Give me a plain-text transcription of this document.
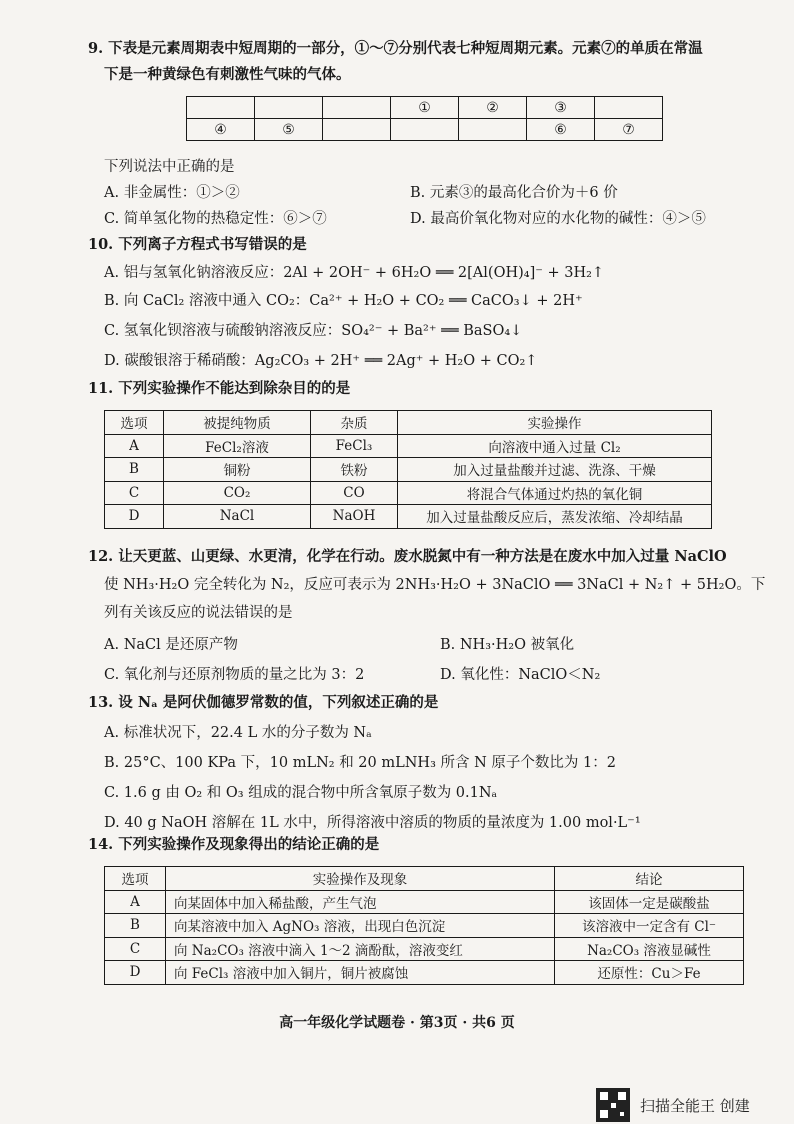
9. 下表是元素周期表中短周期的一部分，①～⑦分别代表七种短周期元素。元素⑦的单质在常温
下是一种黄绿色有刺激性气味的气体。
			①	②	③	
④	⑤				⑥	⑦
下列说法中正确的是
A. 非金属性：①＞②	B. 元素③的最高化合价为＋6 价
C. 简单氢化物的热稳定性：⑥＞⑦	D. 最高价氧化物对应的水化物的碱性：④＞⑤
10. 下列离子方程式书写错误的是
A. 铝与氢氧化钠溶液反应：2Al + 2OH⁻ + 6H₂O ══ 2[Al(OH)₄]⁻ + 3H₂↑
B. 向 CaCl₂ 溶液中通入 CO₂：Ca²⁺ + H₂O + CO₂ ══ CaCO₃↓ + 2H⁺
C. 氢氧化钡溶液与硫酸钠溶液反应：SO₄²⁻ + Ba²⁺ ══ BaSO₄↓
D. 碳酸银溶于稀硝酸：Ag₂CO₃ + 2H⁺ ══ 2Ag⁺ + H₂O + CO₂↑
11. 下列实验操作不能达到除杂目的的是
选项	被提纯物质	杂质	实验操作
A	FeCl₂溶液	FeCl₃	向溶液中通入过量 Cl₂
B	铜粉	铁粉	加入过量盐酸并过滤、洗涤、干燥
C	CO₂	CO	将混合气体通过灼热的氧化铜
D	NaCl	NaOH	加入过量盐酸反应后，蒸发浓缩、冷却结晶
12. 让天更蓝、山更绿、水更清，化学在行动。废水脱氮中有一种方法是在废水中加入过量 NaClO
使 NH₃·H₂O 完全转化为 N₂，反应可表示为 2NH₃·H₂O + 3NaClO ══ 3NaCl + N₂↑ + 5H₂O。下
列有关该反应的说法错误的是
A. NaCl 是还原产物	B. NH₃·H₂O 被氧化
C. 氧化剂与还原剂物质的量之比为 3：2	D. 氧化性：NaClO＜N₂
13. 设 Nₐ 是阿伏伽德罗常数的值，下列叙述正确的是
A. 标准状况下，22.4 L 水的分子数为 Nₐ
B. 25°C、100 KPa 下，10 mLN₂ 和 20 mLNH₃ 所含 N 原子个数比为 1：2
C. 1.6 g 由 O₂ 和 O₃ 组成的混合物中所含氧原子数为 0.1Nₐ
D. 40 g NaOH 溶解在 1L 水中，所得溶液中溶质的物质的量浓度为 1.00 mol·L⁻¹
14. 下列实验操作及现象得出的结论正确的是
选项	实验操作及现象	结论
A	向某固体中加入稀盐酸，产生气泡	该固体一定是碳酸盐
B	向某溶液中加入 AgNO₃ 溶液，出现白色沉淀	该溶液中一定含有 Cl⁻
C	向 Na₂CO₃ 溶液中滴入 1～2 滴酚酞，溶液变红	Na₂CO₃ 溶液显碱性
D	向 FeCl₃ 溶液中加入铜片，铜片被腐蚀	还原性：Cu＞Fe
高一年级化学试题卷 · 第3页 · 共6 页
扫描全能王 创建
